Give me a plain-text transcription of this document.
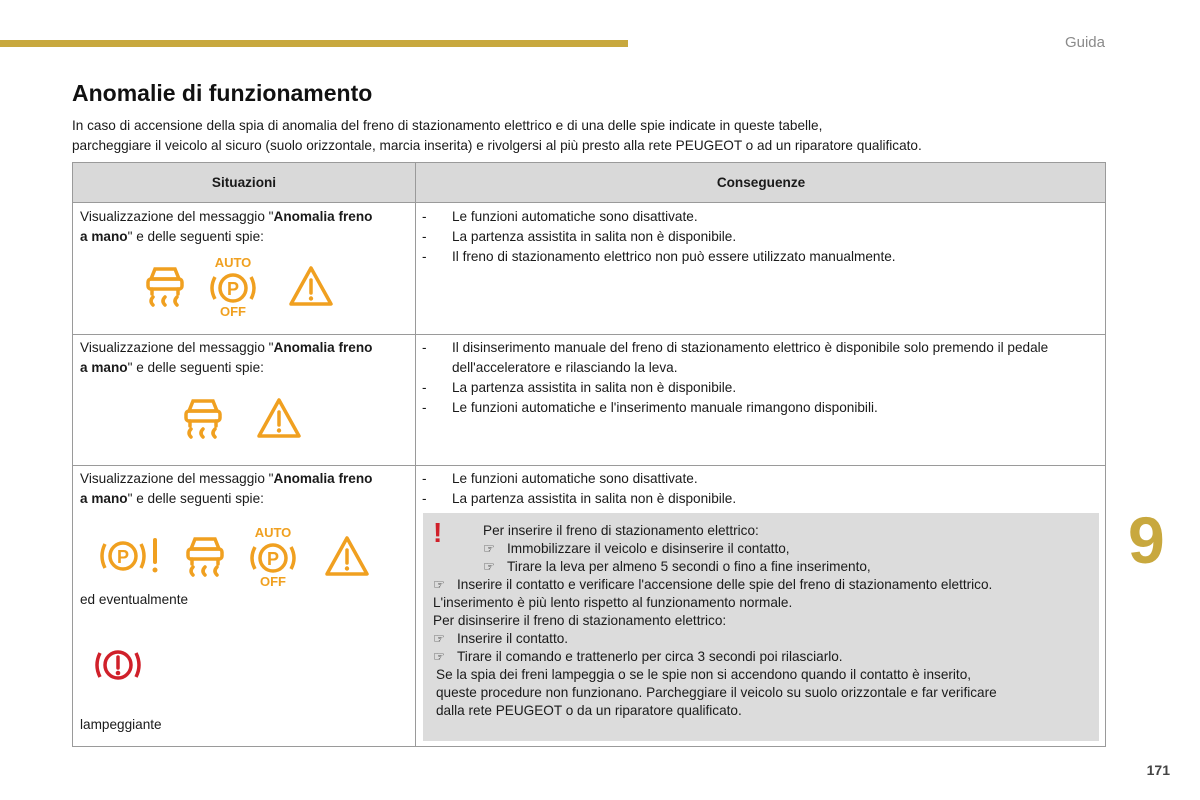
Guida
Anomalie di funzionamento

In caso di accensione della spia di anomalia del freno di stazionamento elettrico e di una delle spie indicate in queste tabelle,

parcheggiare il veicolo al sicuro (suolo orizzontale, marcia inserita) e rivolgersi al più presto alla rete PEUGEOT o ad un riparatore qualificato.

Situazioni	Conseguenze
Visualizzazione del messaggio "Anomalia freno a mano" e delle seguenti spie:
AUTO
P
OFF
- Le funzioni automatiche sono disattivate.
- La partenza assistita in salita non è disponibile.
- Il freno di stazionamento elettrico non può essere utilizzato manualmente.
Visualizzazione del messaggio "Anomalia freno a mano" e delle seguenti spie:
- Il disinserimento manuale del freno di stazionamento elettrico è disponibile solo premendo il pedale dell'acceleratore e rilasciando la leva.
- La partenza assistita in salita non è disponibile.
- Le funzioni automatiche e l'inserimento manuale rimangono disponibili.
Visualizzazione del messaggio "Anomalia freno a mano" e delle seguenti spie:
P
AUTO
P
OFF
ed eventualmente
lampeggiante
- Le funzioni automatiche sono disattivate.
- La partenza assistita in salita non è disponibile.
!	Per inserire il freno di stazionamento elettrico:
☞ Immobilizzare il veicolo e disinserire il contatto,
☞ Tirare la leva per almeno 5 secondi o fino a fine inserimento,
☞ Inserire il contatto e verificare l'accensione delle spie del freno di stazionamento elettrico.
L'inserimento è più lento rispetto al funzionamento normale.
Per disinserire il freno di stazionamento elettrico:
☞ Inserire il contatto.
☞ Tirare il comando e trattenerlo per circa 3 secondi poi rilasciarlo.
Se la spia dei freni lampeggia o se le spie non si accendono quando il contatto è inserito,
queste procedure non funzionano. Parcheggiare il veicolo su suolo orizzontale e far verificare
dalla rete PEUGEOT o da un riparatore qualificato.
9
171
